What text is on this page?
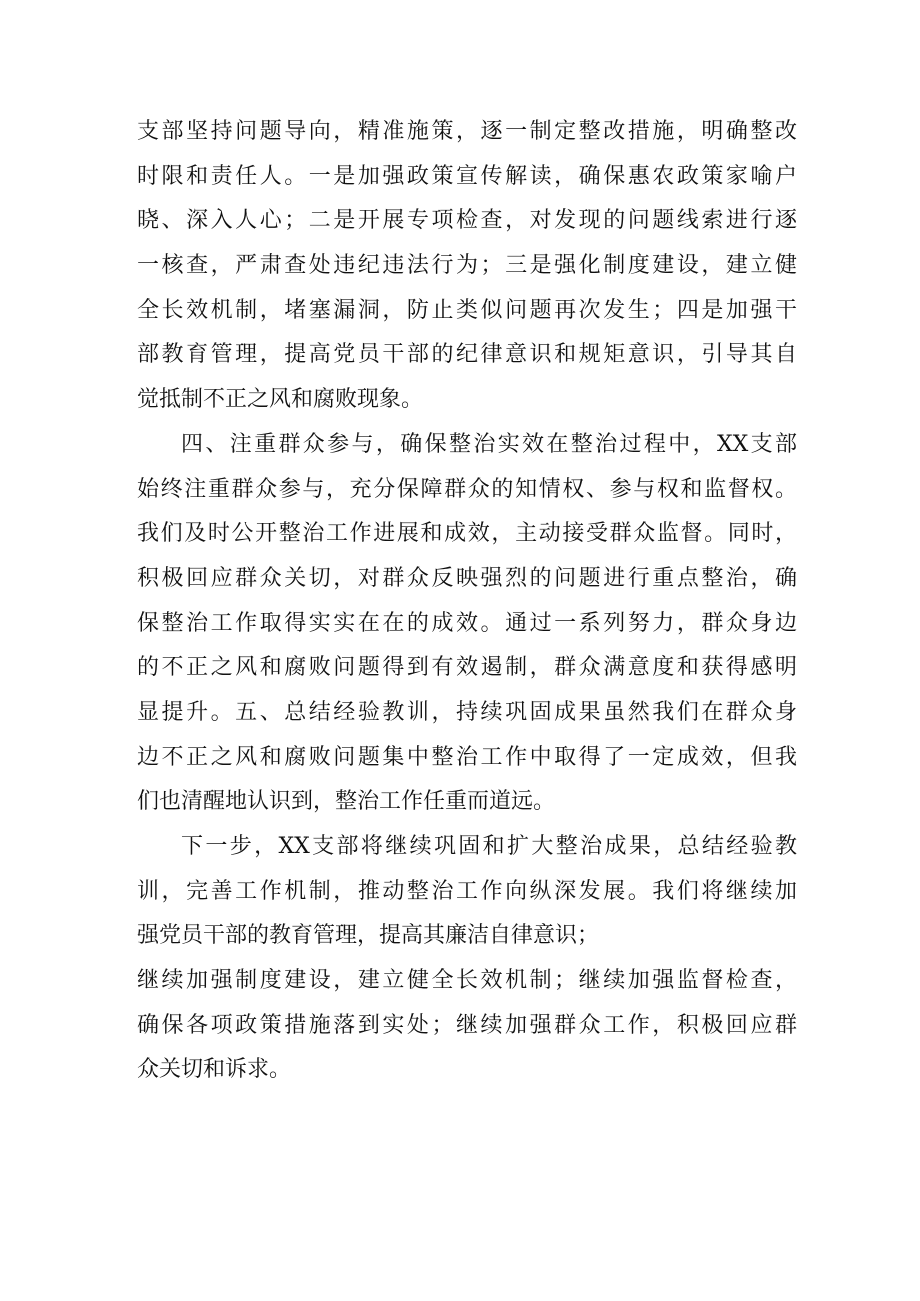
支部坚持问题导向，精准施策，逐一制定整改措施，明确整改
时限和责任人。一是加强政策宣传解读，确保惠农政策家喻户
晓、深入人心；二是开展专项检查，对发现的问题线索进行逐
一核查，严肃查处违纪违法行为；三是强化制度建设，建立健
全长效机制，堵塞漏洞，防止类似问题再次发生；四是加强干
部教育管理，提高党员干部的纪律意识和规矩意识，引导其自
觉抵制不正之风和腐败现象。
四、注重群众参与，确保整治实效在整治过程中，XX支部
始终注重群众参与，充分保障群众的知情权、参与权和监督权。
我们及时公开整治工作进展和成效，主动接受群众监督。同时，
积极回应群众关切，对群众反映强烈的问题进行重点整治，确
保整治工作取得实实在在的成效。通过一系列努力，群众身边
的不正之风和腐败问题得到有效遏制，群众满意度和获得感明
显提升。五、总结经验教训，持续巩固成果虽然我们在群众身
边不正之风和腐败问题集中整治工作中取得了一定成效，但我
们也清醒地认识到，整治工作任重而道远。
下一步，XX支部将继续巩固和扩大整治成果，总结经验教
训，完善工作机制，推动整治工作向纵深发展。我们将继续加
强党员干部的教育管理，提高其廉洁自律意识；
继续加强制度建设，建立健全长效机制；继续加强监督检查，
确保各项政策措施落到实处；继续加强群众工作，积极回应群
众关切和诉求。
